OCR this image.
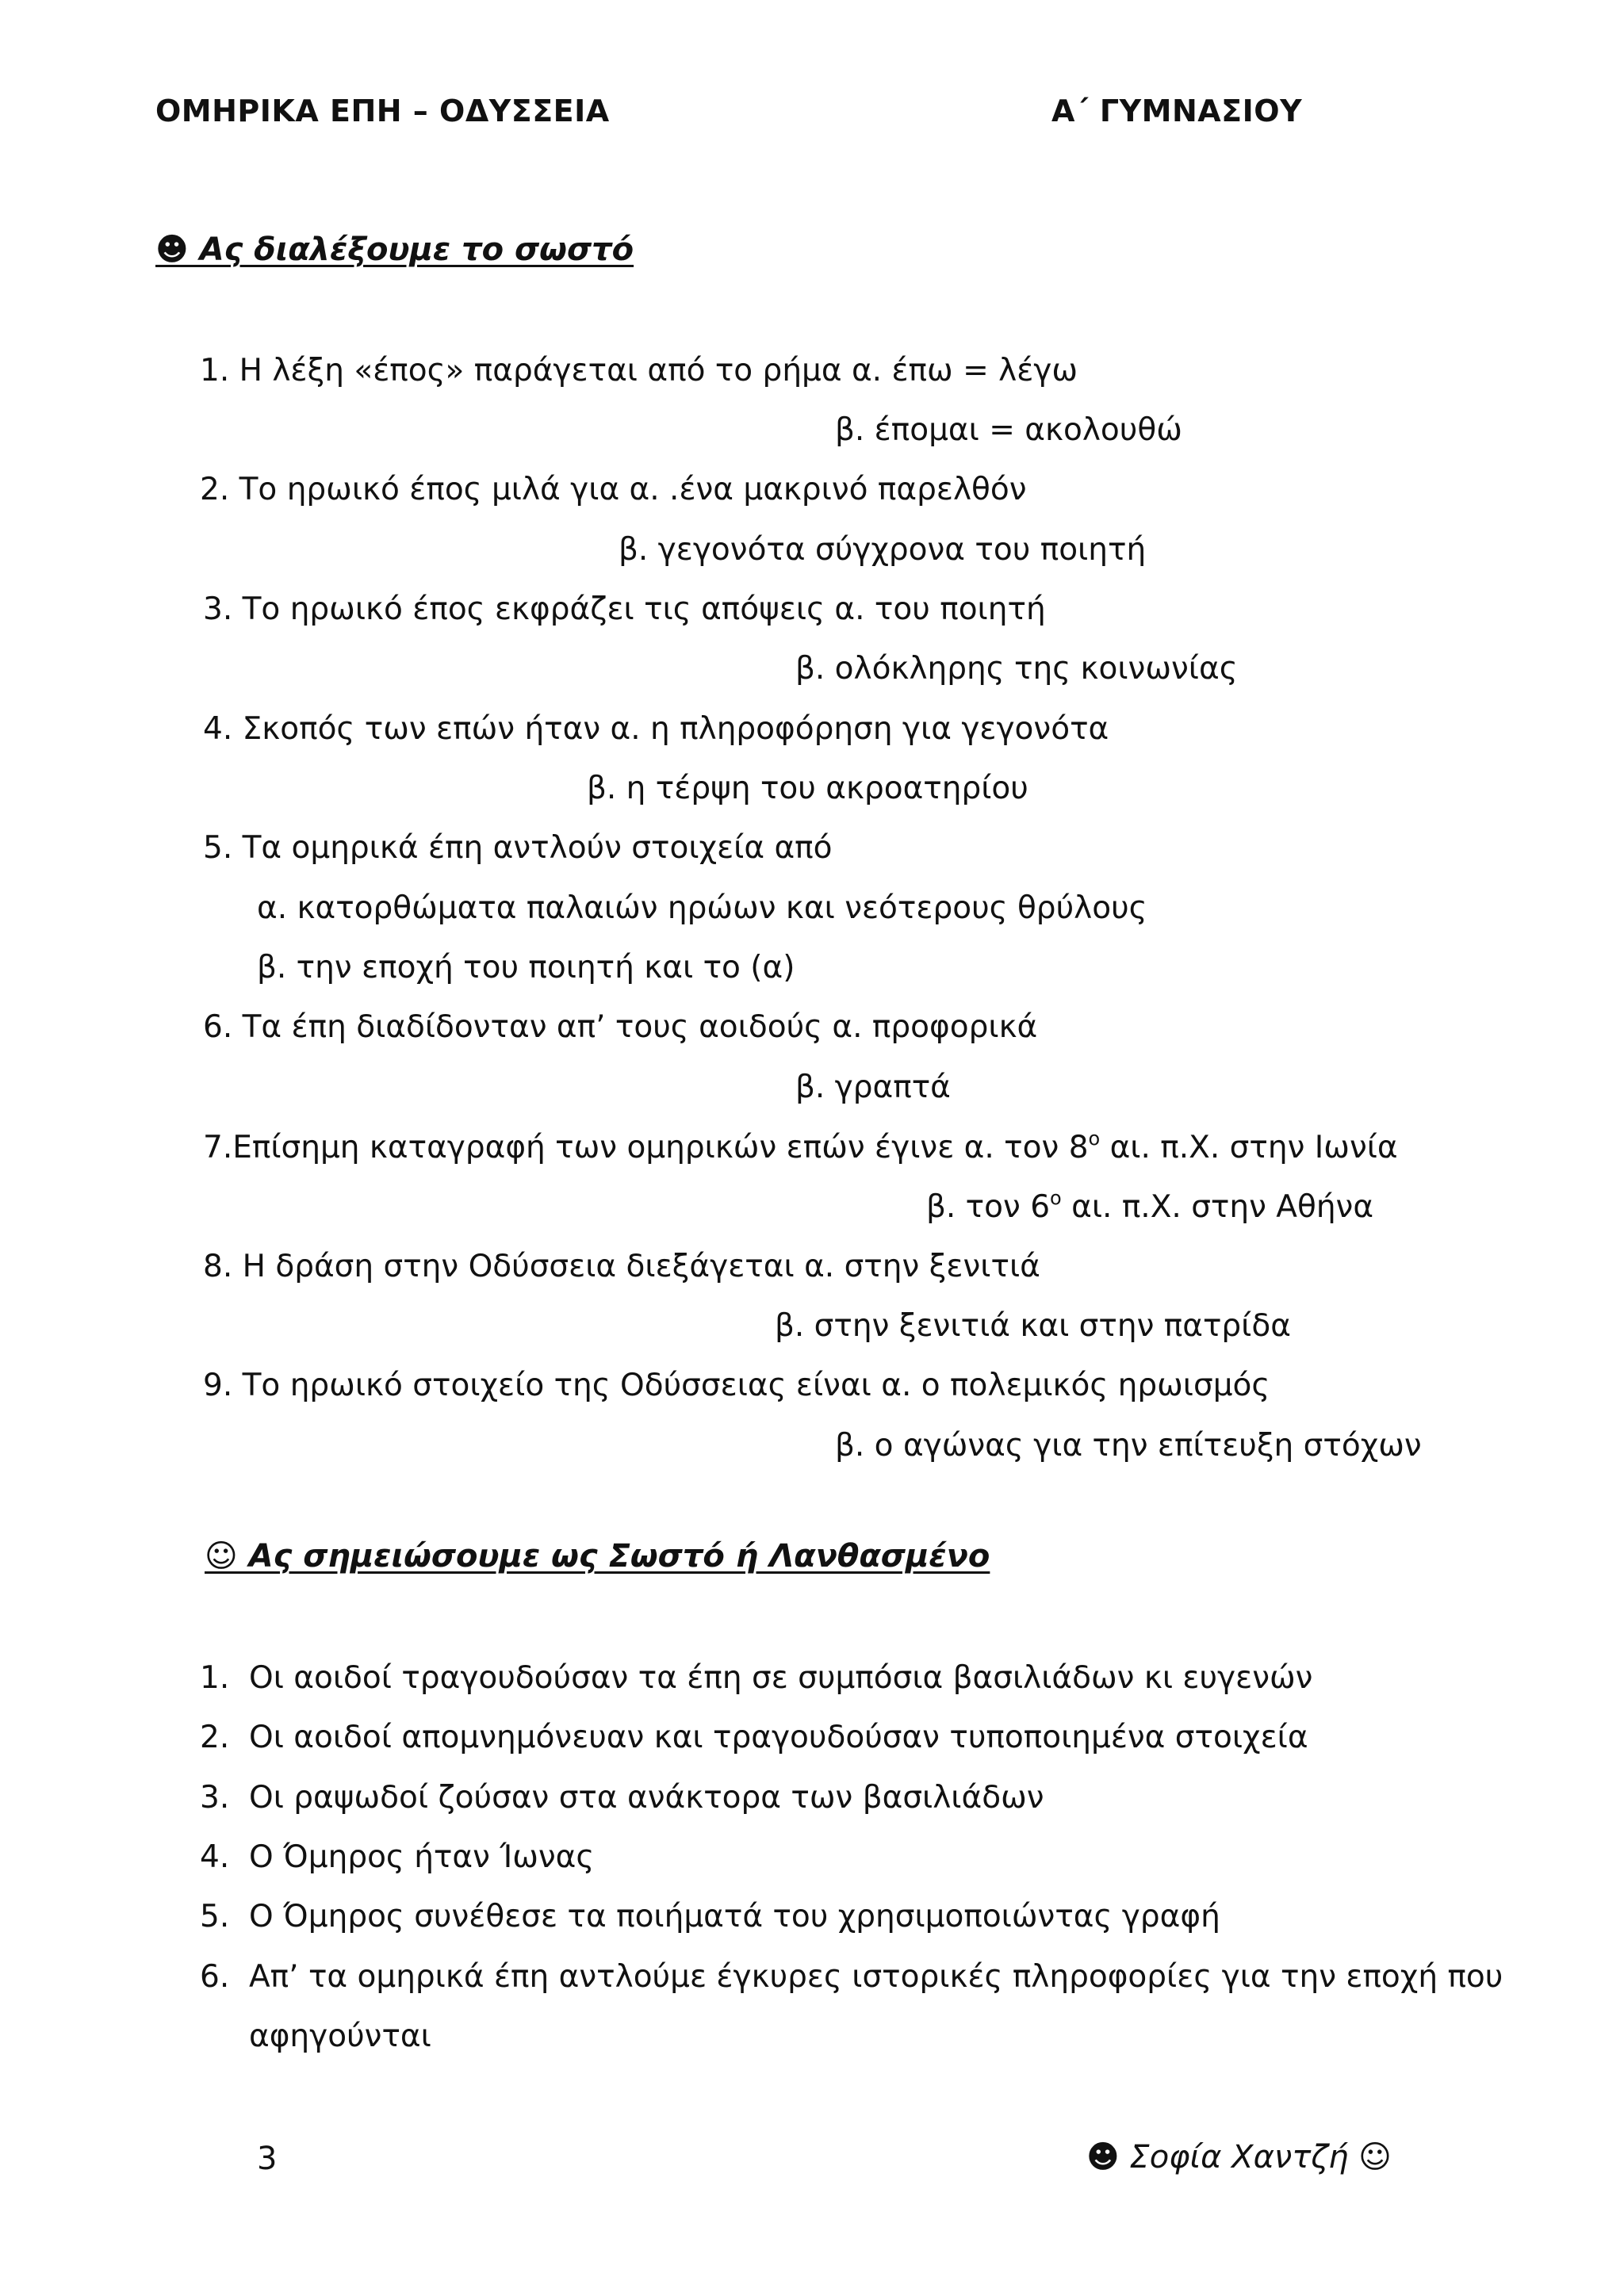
ΟΜΗΡΙΚΑ ΕΠΗ – ΟΔΥΣΣΕΙΑ	Α΄ ΓΥΜΝΑΣΙΟΥ
☻ Ας διαλέξουμε το σωστό
1. Η λέξη «έπος» παράγεται από το ρήμα α. έπω = λέγω
β. έπομαι = ακολουθώ
2. Το ηρωικό έπος μιλά για α. .ένα μακρινό παρελθόν
β. γεγονότα σύγχρονα του ποιητή
3. Το ηρωικό έπος εκφράζει τις απόψεις α. του ποιητή
β. ολόκληρης της κοινωνίας
4. Σκοπός των επών ήταν α. η πληροφόρηση για γεγονότα
β. η τέρψη του ακροατηρίου
5. Τα ομηρικά έπη αντλούν στοιχεία από
α. κατορθώματα παλαιών ηρώων και νεότερους θρύλους
β. την εποχή του ποιητή και το (α)
6. Τα έπη διαδίδονταν απ’ τους αοιδούς α. προφορικά
β. γραπτά
7.Επίσημη καταγραφή των ομηρικών επών έγινε α. τον $8^o$ αι. π.Χ. στην Ιωνία
β. τον $6^o$ αι. π.Χ. στην Αθήνα
8. Η δράση στην Οδύσσεια διεξάγεται α. στην ξενιτιά
β. στην ξενιτιά και στην πατρίδα
9. Το ηρωικό στοιχείο της Οδύσσειας είναι α. ο πολεμικός ηρωισμός
β. ο αγώνας για την επίτευξη στόχων
☺ Ας σημειώσουμε ως Σωστό ή Λανθασμένο
1. Οι αοιδοί τραγουδούσαν τα έπη σε συμπόσια βασιλιάδων κι ευγενών
2. Οι αοιδοί απομνημόνευαν και τραγουδούσαν τυποποιημένα στοιχεία
3. Οι ραψωδοί ζούσαν στα ανάκτορα των βασιλιάδων
4. Ο Όμηρος ήταν Ίωνας
5. Ο Όμηρος συνέθεσε τα ποιήματά του χρησιμοποιώντας γραφή
6. Απ’ τα ομηρικά έπη αντλούμε έγκυρες ιστορικές πληροφορίες για την εποχή που
αφηγούνται
3	☻ Σοφία Χαντζή ☺
